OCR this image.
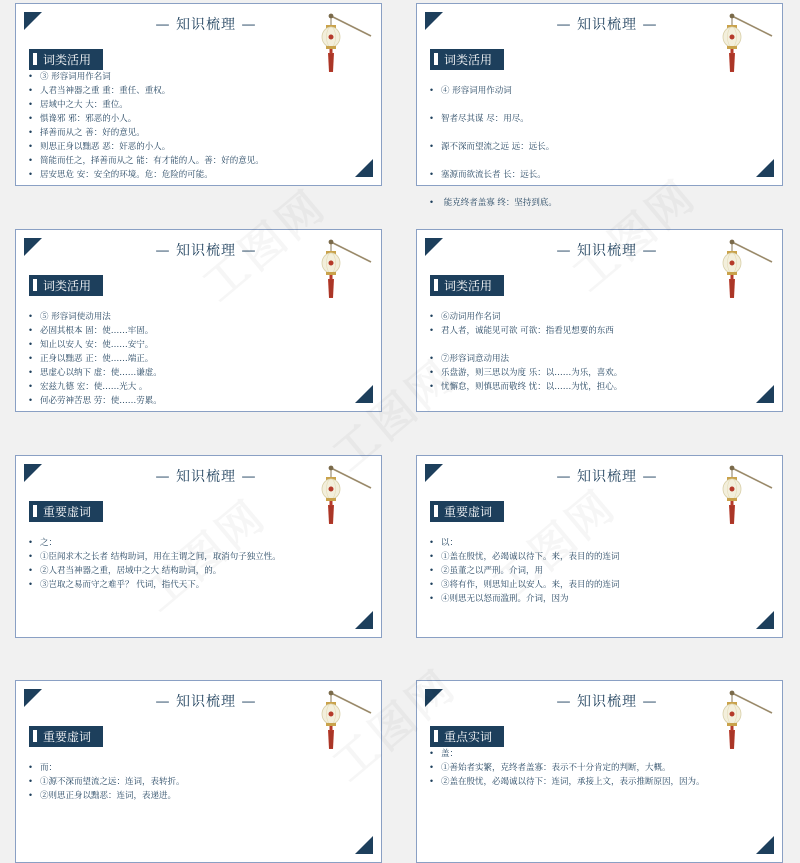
— 知识梳理 —
词类活用
• ③ 形容词用作名词
• 人君当神器之重 重：重任、重权。
• 居域中之大 大：重位。
• 惧谗邪 邪：邪恶的小人。
• 择善而从之 善：好的意见。
• 则思正身以黜恶 恶：奸恶的小人。
• 简能而任之，择善而从之 能：有才能的人。善：好的意见。
• 居安思危 安：安全的环境。危：危险的可能。
— 知识梳理 —
词类活用

• ④ 形容词用作动词

• 智者尽其谋 尽：用尽。

• 源不深而望流之远 远：远长。

• 塞源而欲流长者 长：远长。

• 能克终者盖寡 终：坚持到底。
— 知识梳理 —
词类活用

• ⑤ 形容词使动用法
• 必固其根本 固：使……牢固。
• 知止以安人 安：使……安宁。
• 正身以黜恶 正：使……端正。
• 思虚心以纳下 虚：使……谦虚。
• 宏兹九德 宏：使……光大 。
• 何必劳神苦思 劳：使……劳累。
— 知识梳理 —
词类活用

• ⑥动词用作名词
• 君人者，诚能见可欲 可欲：指看见想要的东西

• ⑦形容词意动用法
• 乐盘游，则三思以为度 乐：以……为乐，喜欢。
• 忧懈怠，则慎思而敬终 忧：以……为忧，担心。
— 知识梳理 —
重要虚词

• 之：
• ①臣闻求木之长者 结构助词，用在主谓之间，取消句子独立性。
• ②人君当神器之重，居域中之大 结构助词，的。
• ③岂取之易而守之难乎？ 代词，指代天下。
— 知识梳理 —
重要虚词

• 以：
• ①盖在殷忧，必竭诚以待下。来，表目的的连词
• ②虽董之以严刑。介词，用
• ③将有作，则思知止以安人。来，表目的的连词
• ④则思无以怒而滥刑。介词，因为
— 知识梳理 —
重要虚词

• 而：
• ①源不深而望流之远：连词，表转折。
• ②则思正身以黜恶：连词，表递进。
— 知识梳理 —
重点实词
• 盖：
• ①善始者实繁，克终者盖寡：表示不十分肯定的判断，大概。
• ②盖在殷忧，必竭诚以待下：连词，承接上文，表示推断原因，因为。
